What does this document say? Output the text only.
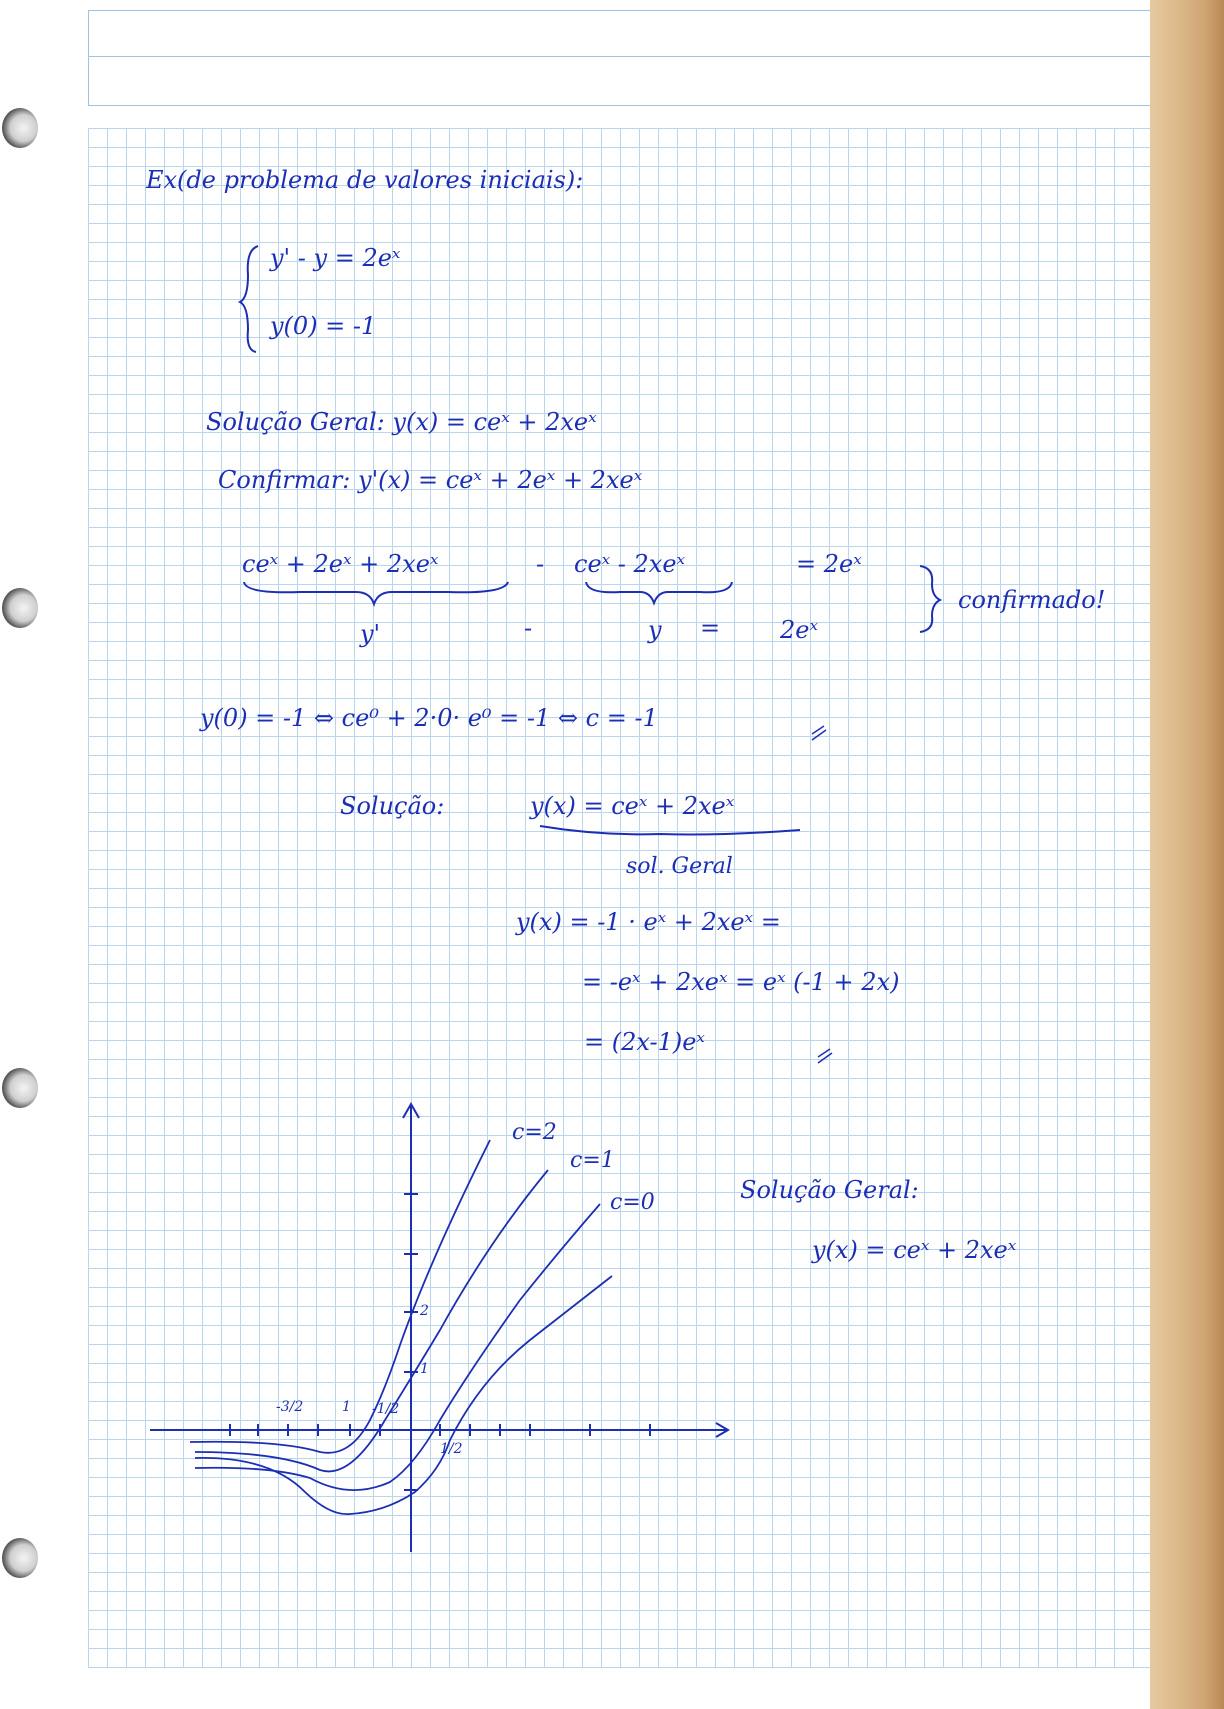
Ex(de problema de valores iniciais):
y' - y = 2eˣ
y(0) = -1
Solução Geral: y(x) = ceˣ + 2xeˣ
Confirmar: y'(x) = ceˣ + 2eˣ + 2xeˣ
ceˣ + 2eˣ + 2xeˣ	- ceˣ - 2xeˣ	= 2eˣ
y'	-	y = 2eˣ
confirmado!
y(0) = -1 ⇔ ce⁰ + 2·0· e⁰ = -1 ⇔ c = -1
Solução:	y(x) = ceˣ + 2xeˣ
sol. Geral
y(x) = -1 · eˣ + 2xeˣ =
= -eˣ + 2xeˣ = eˣ (-1 + 2x)
= (2x-1)eˣ
c=2
c=1
c=0
-3/2	1 -1/2
1/2
1
2
Solução Geral:
y(x) = ceˣ + 2xeˣ
